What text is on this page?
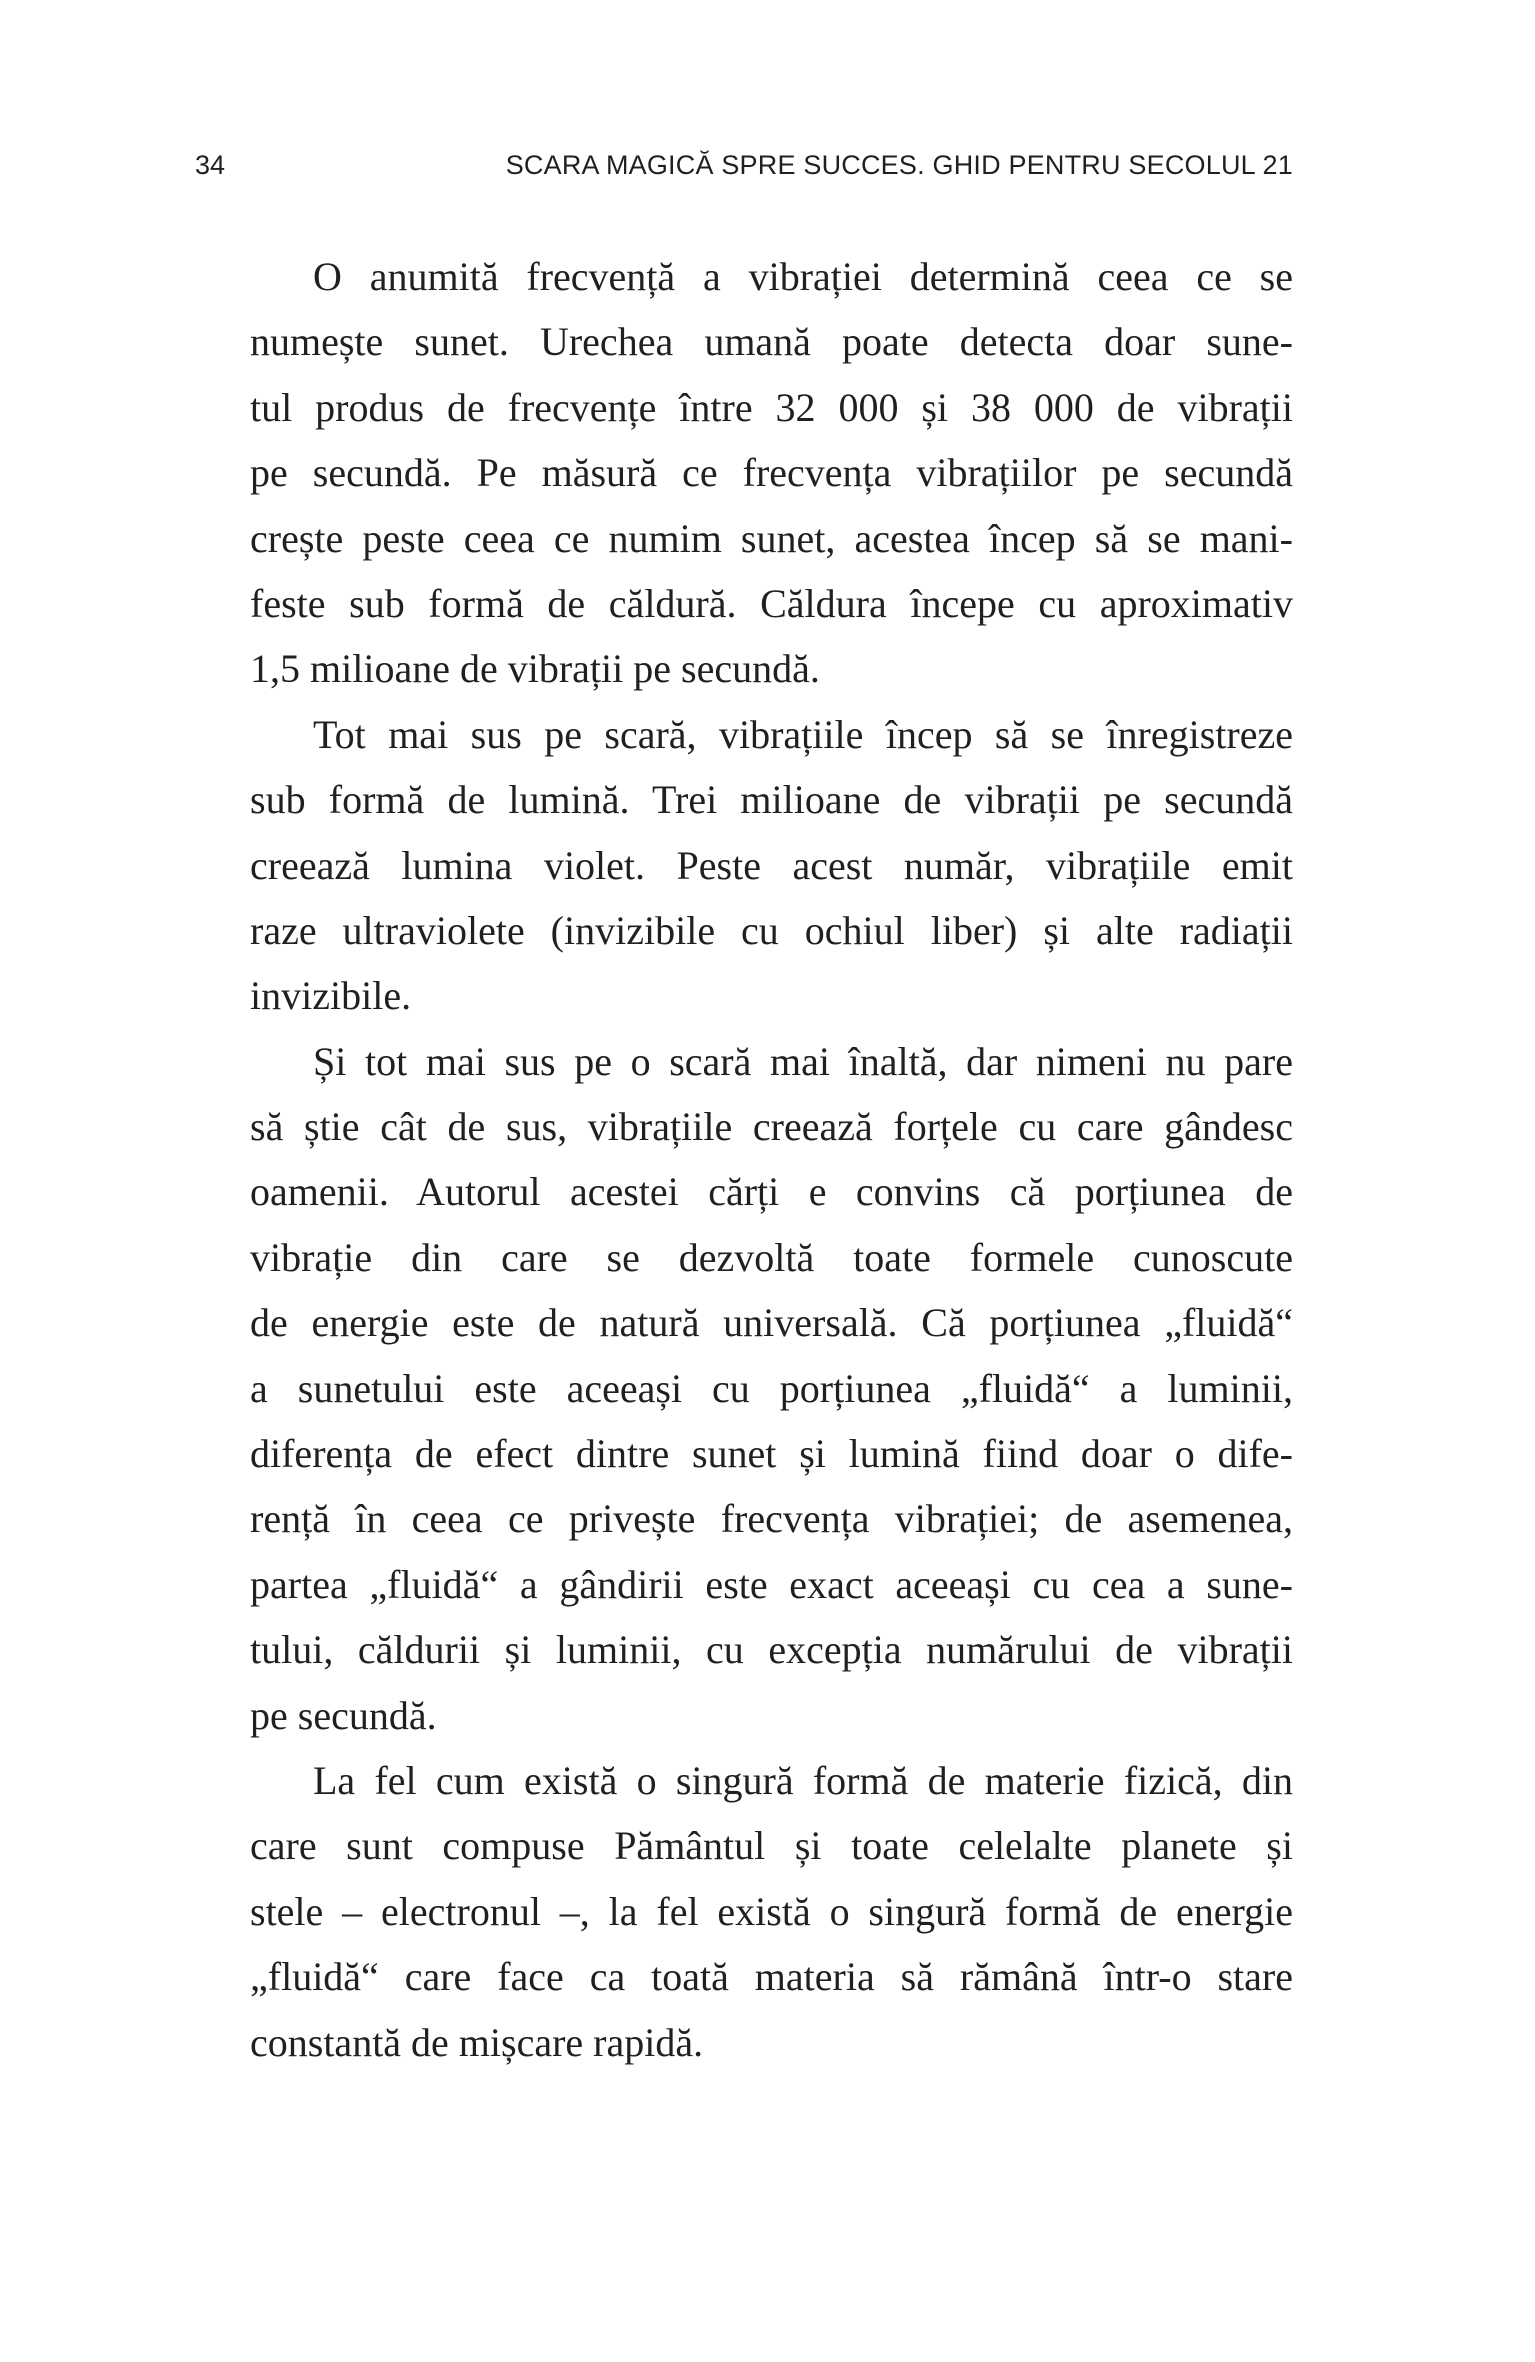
34	SCARA MAGICĂ SPRE SUCCES. GHID PENTRU SECOLUL 21
O anumită frecvență a vibrației determină ceea ce se
numește sunet. Urechea umană poate detecta doar sune-
tul produs de frecvențe între 32 000 și 38 000 de vibrații
pe secundă. Pe măsură ce frecvența vibrațiilor pe secundă
crește peste ceea ce numim sunet, acestea încep să se mani-
feste sub formă de căldură. Căldura începe cu aproximativ
1,5 milioane de vibrații pe secundă.
Tot mai sus pe scară, vibrațiile încep să se înregistreze
sub formă de lumină. Trei milioane de vibrații pe secundă
creează lumina violet. Peste acest număr, vibrațiile emit
raze ultraviolete (invizibile cu ochiul liber) și alte radiații
invizibile.
Și tot mai sus pe o scară mai înaltă, dar nimeni nu pare
să știe cât de sus, vibrațiile creează forțele cu care gândesc
oamenii. Autorul acestei cărți e convins că porțiunea de
vibrație din care se dezvoltă toate formele cunoscute
de energie este de natură universală. Că porțiunea „fluidă“
a sunetului este aceeași cu porțiunea „fluidă“ a luminii,
diferența de efect dintre sunet și lumină fiind doar o dife-
rență în ceea ce privește frecvența vibrației; de asemenea,
partea „fluidă“ a gândirii este exact aceeași cu cea a sune-
tului, căldurii și luminii, cu excepția numărului de vibrații
pe secundă.
La fel cum există o singură formă de materie fizică, din
care sunt compuse Pământul și toate celelalte planete și
stele – electronul –, la fel există o singură formă de energie
„fluidă“ care face ca toată materia să rămână într-o stare
constantă de mișcare rapidă.
